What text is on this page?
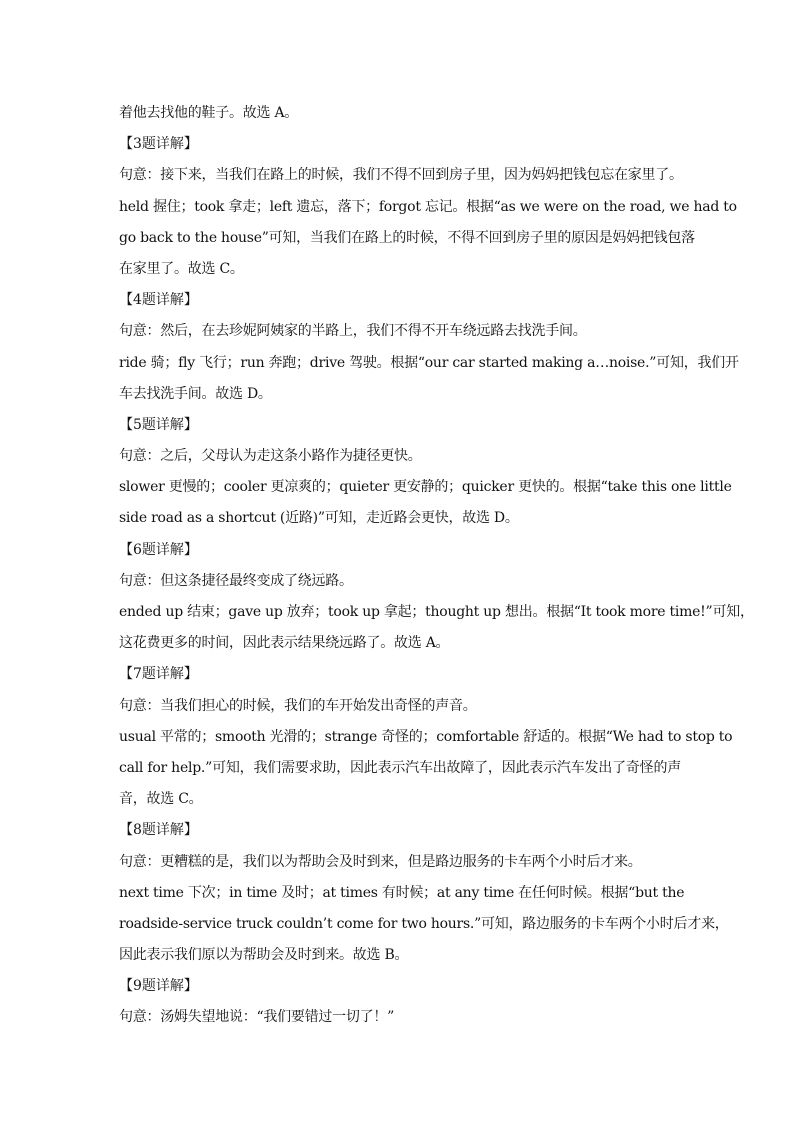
着他去找他的鞋子。故选 A。
【3题详解】
句意：接下来，当我们在路上的时候，我们不得不回到房子里，因为妈妈把钱包忘在家里了。
held 握住；took 拿走；left 遗忘，落下；forgot 忘记。根据“as we were on the road, we had to
go back to the house”可知，当我们在路上的时候，不得不回到房子里的原因是妈妈把钱包落
在家里了。故选 C。
【4题详解】
句意：然后，在去珍妮阿姨家的半路上，我们不得不开车绕远路去找洗手间。
ride 骑；fly 飞行；run 奔跑；drive 驾驶。根据“our car started making a…noise.”可知，我们开
车去找洗手间。故选 D。
【5题详解】
句意：之后，父母认为走这条小路作为捷径更快。
slower 更慢的；cooler 更凉爽的；quieter 更安静的；quicker 更快的。根据“take this one little
side road as a shortcut (近路)”可知，走近路会更快，故选 D。
【6题详解】
句意：但这条捷径最终变成了绕远路。
ended up 结束；gave up 放弃；took up 拿起；thought up 想出。根据“It took more time!”可知，
这花费更多的时间，因此表示结果绕远路了。故选 A。
【7题详解】
句意：当我们担心的时候，我们的车开始发出奇怪的声音。
usual 平常的；smooth 光滑的；strange 奇怪的；comfortable 舒适的。根据“We had to stop to
call for help.”可知，我们需要求助，因此表示汽车出故障了，因此表示汽车发出了奇怪的声
音，故选 C。
【8题详解】
句意：更糟糕的是，我们以为帮助会及时到来，但是路边服务的卡车两个小时后才来。
next time 下次；in time 及时；at times 有时候；at any time 在任何时候。根据“but the
roadside-service truck couldn’t come for two hours.”可知，路边服务的卡车两个小时后才来，
因此表示我们原以为帮助会及时到来。故选 B。
【9题详解】
句意：汤姆失望地说：“我们要错过一切了！”
